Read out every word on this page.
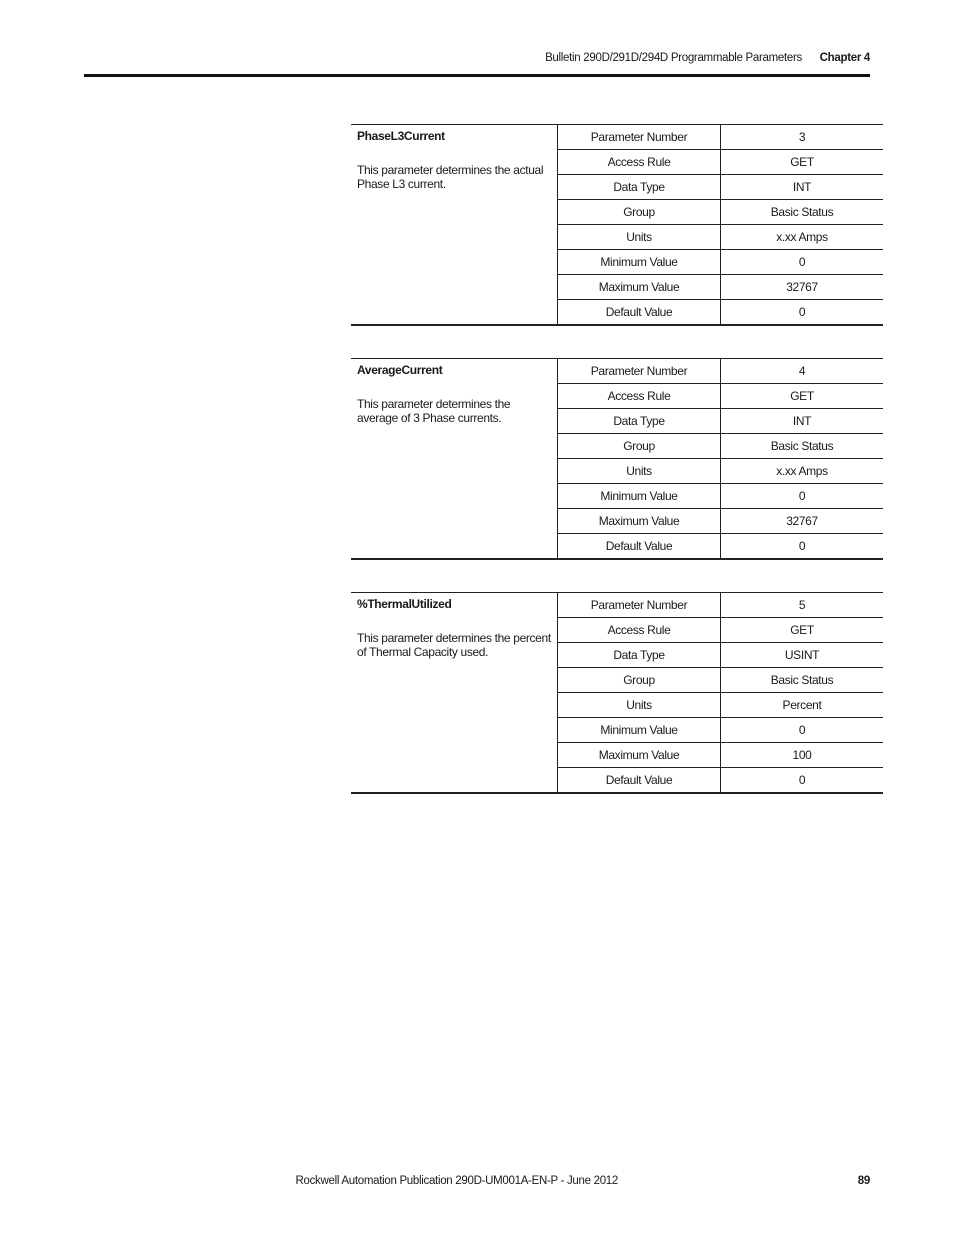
Bulletin 290D/291D/294D Programmable Parameters Chapter 4
PhaseL3Current
This parameter determines the actual Phase L3 current.	Parameter Number	3
	Access Rule	GET
	Data Type	INT
	Group	Basic Status
	Units	x.xx Amps
	Minimum Value	0
	Maximum Value	32767
	Default Value	0
AverageCurrent
This parameter determines the average of 3 Phase currents.	Parameter Number	4
	Access Rule	GET
	Data Type	INT
	Group	Basic Status
	Units	x.xx Amps
	Minimum Value	0
	Maximum Value	32767
	Default Value	0
%ThermalUtilized
This parameter determines the percent of Thermal Capacity used.	Parameter Number	5
	Access Rule	GET
	Data Type	USINT
	Group	Basic Status
	Units	Percent
	Minimum Value	0
	Maximum Value	100
	Default Value	0
Rockwell Automation Publication 290D-UM001A-EN-P - June 2012	89
